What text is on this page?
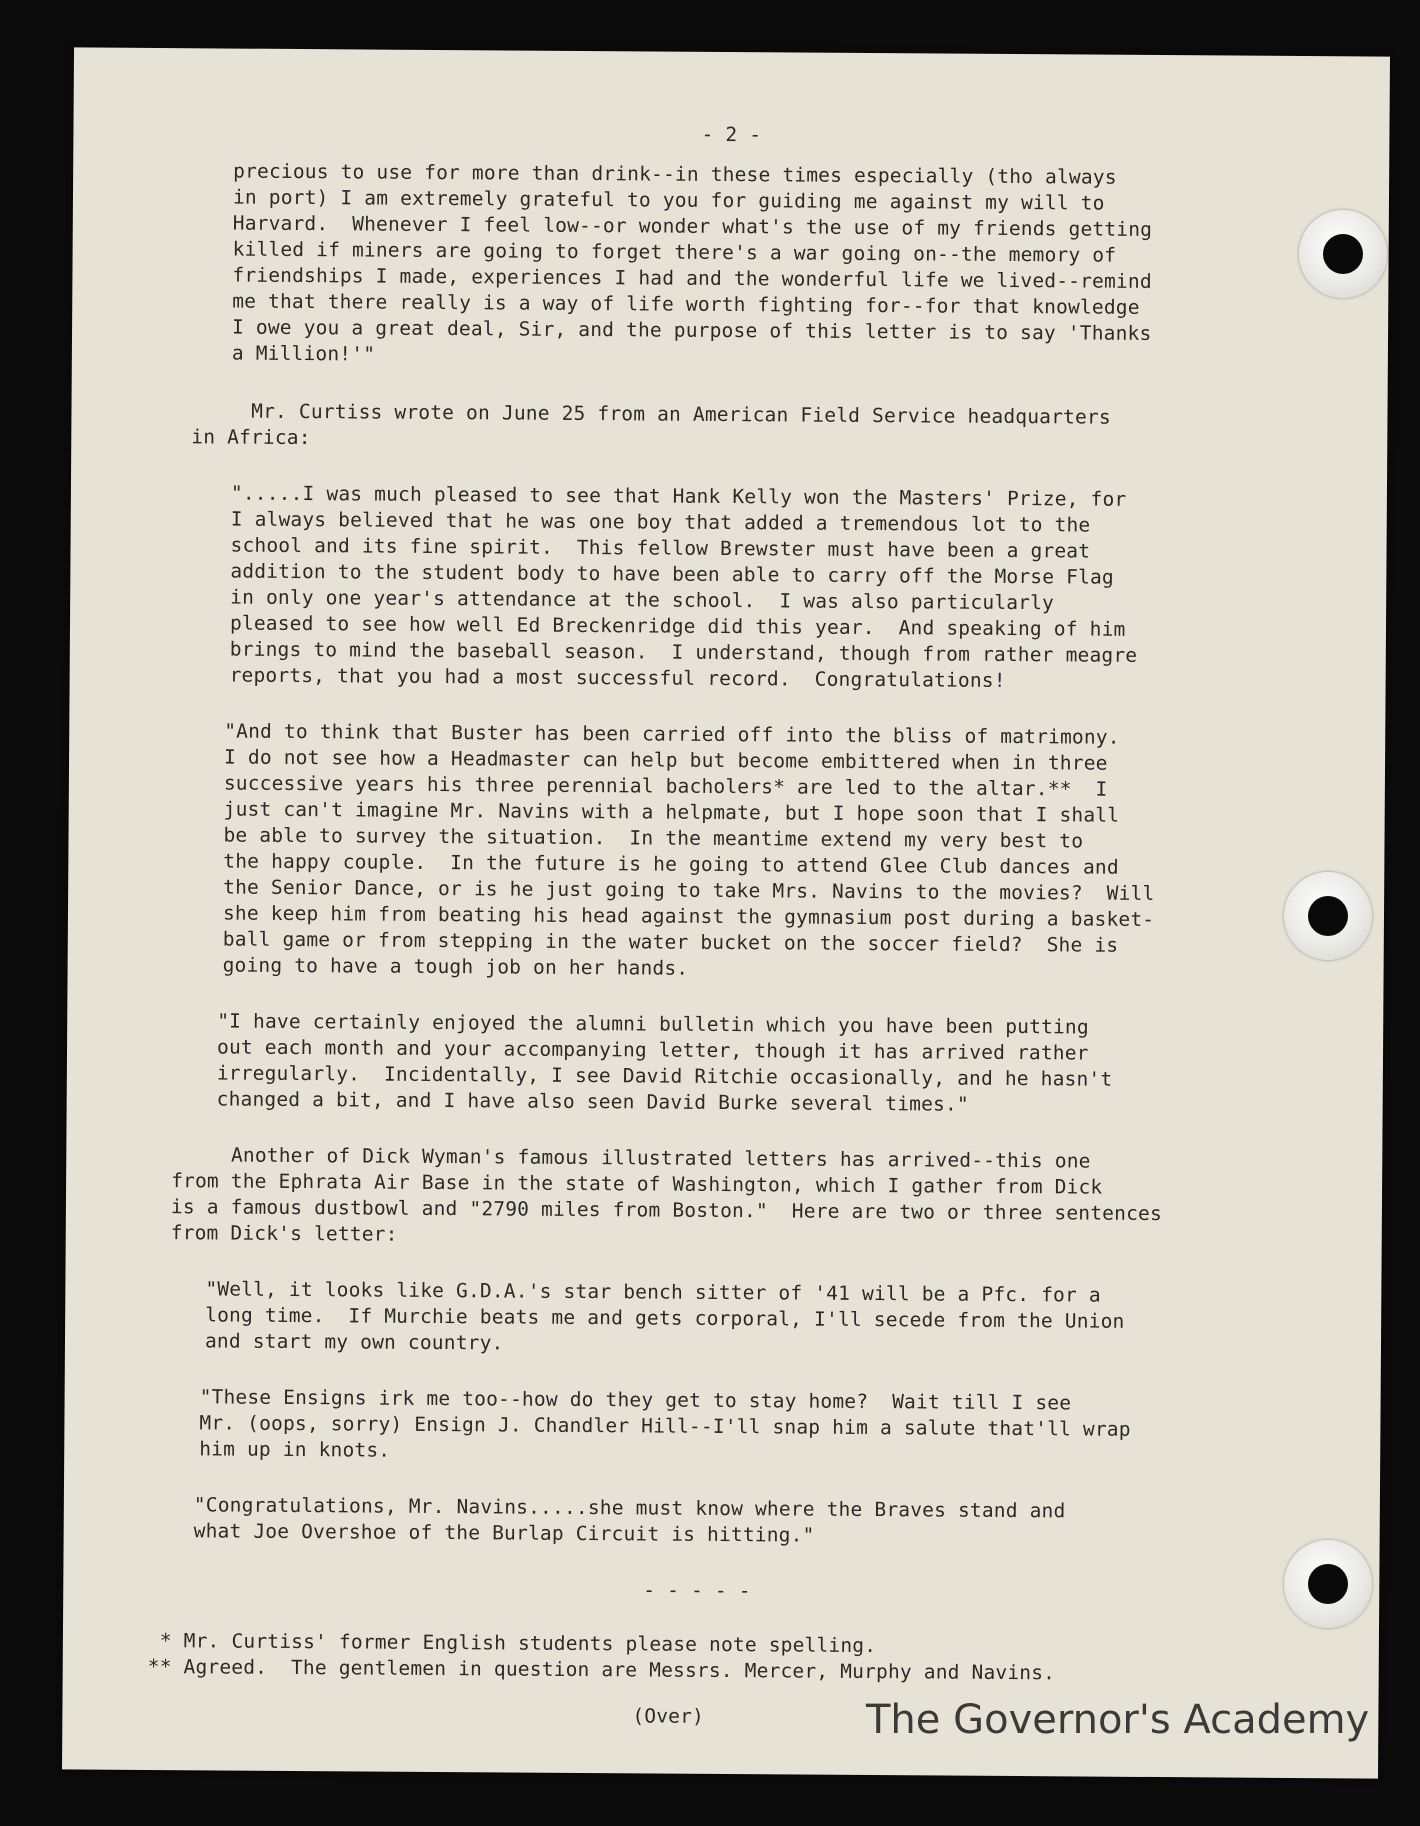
- 2 -
precious to use for more than drink--in these times especially (tho always
in port) I am extremely grateful to you for guiding me against my will to
Harvard.  Whenever I feel low--or wonder what's the use of my friends getting
killed if miners are going to forget there's a war going on--the memory of
friendships I made, experiences I had and the wonderful life we lived--remind
me that there really is a way of life worth fighting for--for that knowledge
I owe you a great deal, Sir, and the purpose of this letter is to say 'Thanks
a Million!'"
Mr. Curtiss wrote on June 25 from an American Field Service headquarters
in Africa:
".....I was much pleased to see that Hank Kelly won the Masters' Prize, for
I always believed that he was one boy that added a tremendous lot to the
school and its fine spirit.  This fellow Brewster must have been a great
addition to the student body to have been able to carry off the Morse Flag
in only one year's attendance at the school.  I was also particularly
pleased to see how well Ed Breckenridge did this year.  And speaking of him
brings to mind the baseball season.  I understand, though from rather meagre
reports, that you had a most successful record.  Congratulations!
"And to think that Buster has been carried off into the bliss of matrimony.
I do not see how a Headmaster can help but become embittered when in three
successive years his three perennial bacholers* are led to the altar.**  I
just can't imagine Mr. Navins with a helpmate, but I hope soon that I shall
be able to survey the situation.  In the meantime extend my very best to
the happy couple.  In the future is he going to attend Glee Club dances and
the Senior Dance, or is he just going to take Mrs. Navins to the movies?  Will
she keep him from beating his head against the gymnasium post during a basket-
ball game or from stepping in the water bucket on the soccer field?  She is
going to have a tough job on her hands.
"I have certainly enjoyed the alumni bulletin which you have been putting
out each month and your accompanying letter, though it has arrived rather
irregularly.  Incidentally, I see David Ritchie occasionally, and he hasn't
changed a bit, and I have also seen David Burke several times."
Another of Dick Wyman's famous illustrated letters has arrived--this one
from the Ephrata Air Base in the state of Washington, which I gather from Dick
is a famous dustbowl and "2790 miles from Boston."  Here are two or three sentences
from Dick's letter:
"Well, it looks like G.D.A.'s star bench sitter of '41 will be a Pfc. for a
long time.  If Murchie beats me and gets corporal, I'll secede from the Union
and start my own country.
"These Ensigns irk me too--how do they get to stay home?  Wait till I see
Mr. (oops, sorry) Ensign J. Chandler Hill--I'll snap him a salute that'll wrap
him up in knots.
"Congratulations, Mr. Navins.....she must know where the Braves stand and
what Joe Overshoe of the Burlap Circuit is hitting."
- - - - -
* Mr. Curtiss' former English students please note spelling.
** Agreed.  The gentlemen in question are Messrs. Mercer, Murphy and Navins.
(Over)	The Governor's Academy
